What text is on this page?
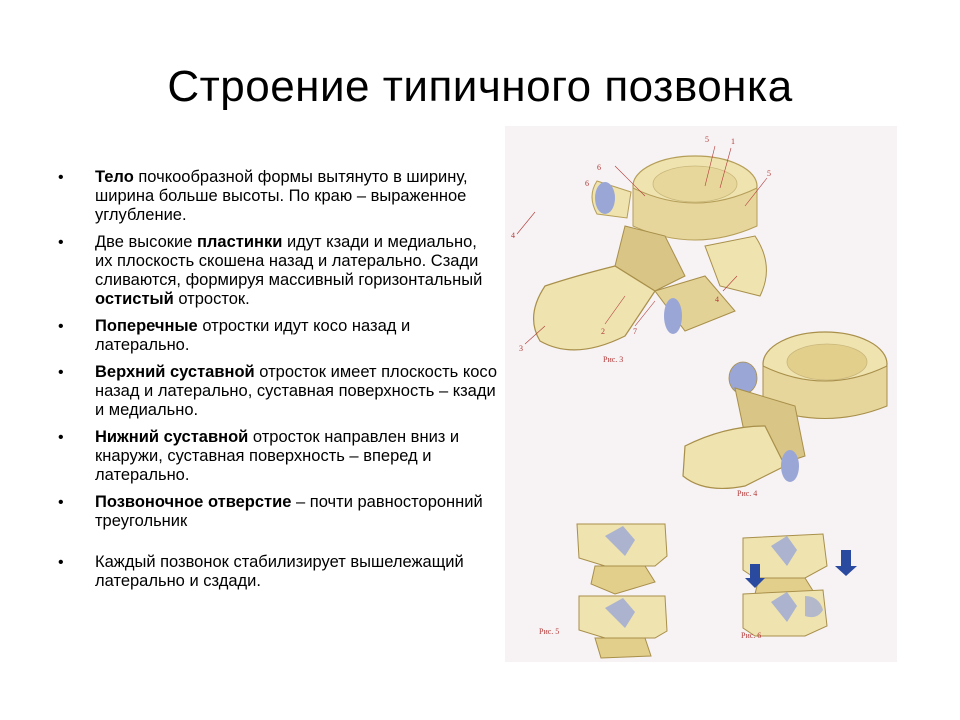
Строение типичного позвонка
• Тело почкообразной формы вытянуто в ширину, ширина больше высоты. По краю – выраженное углубление.
• Две высокие пластинки идут кзади и медиально, их плоскость скошена назад и латерально. Сзади сливаются, формируя массивный горизонтальный остистый отросток.
• Поперечные отростки идут косо назад и латерально.
• Верхний суставной отросток имеет плоскость косо назад и латерально, суставная поверхность – кзади и медиально.
• Нижний суставной отросток направлен вниз и кнаружи, суставная поверхность – вперед и латерально.
• Позвоночное отверстие – почти равносторонний треугольник
• Каждый позвонок стабилизирует вышележащий латерально и сздади.
5	1
6
6
5
4
4
3
2	7
Рис. 3
Рис. 4
Рис. 5	Рис. 6
